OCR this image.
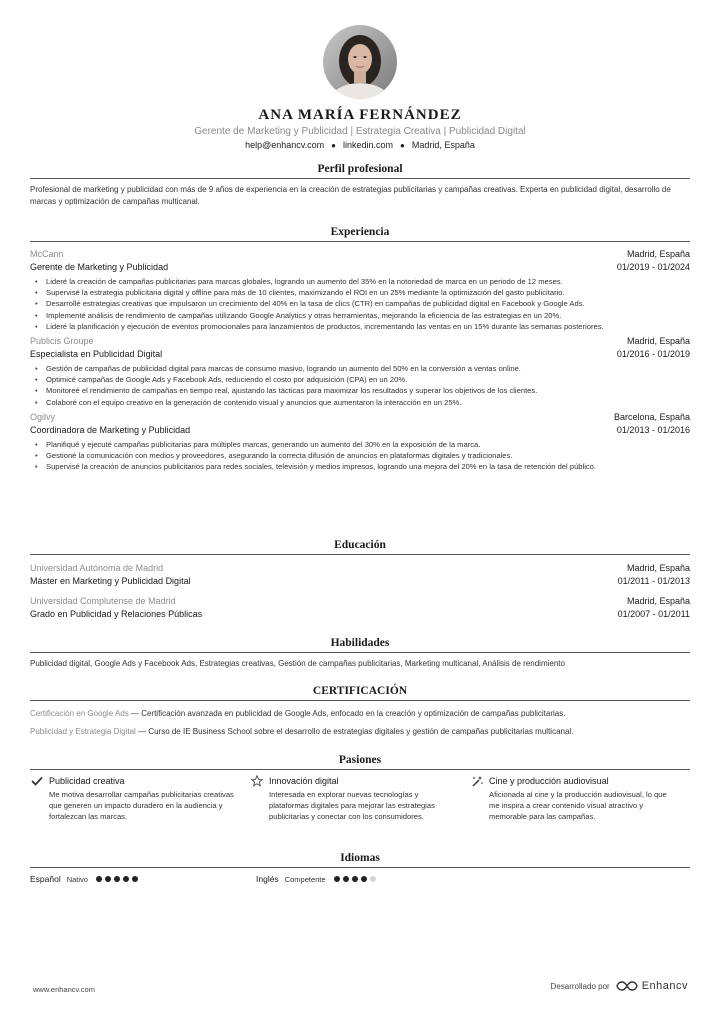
ANA MARÍA FERNÁNDEZ
Gerente de Marketing y Publicidad | Estrategia Creativa | Publicidad Digital
help@enhancv.com ● linkedin.com ● Madrid, España
Perfil profesional
Profesional de marketing y publicidad con más de 9 años de experiencia en la creación de estrategias publicitarias y campañas creativas. Experta en publicidad digital, desarrollo de marcas y optimización de campañas multicanal.
Experiencia
McCann	Madrid, España
Gerente de Marketing y Publicidad	01/2019 - 01/2024
• Lideré la creación de campañas publicitarias para marcas globales, logrando un aumento del 35% en la notoriedad de marca en un periodo de 12 meses.
• Supervisé la estrategia publicitaria digital y offline para más de 10 clientes, maximizando el ROI en un 25% mediante la optimización del gasto publicitario.
• Desarrollé estrategias creativas que impulsaron un crecimiento del 40% en la tasa de clics (CTR) en campañas de publicidad digital en Facebook y Google Ads.
• Implementé análisis de rendimiento de campañas utilizando Google Analytics y otras herramientas, mejorando la eficiencia de las estrategias en un 20%.
• Lideré la planificación y ejecución de eventos promocionales para lanzamientos de productos, incrementando las ventas en un 15% durante las semanas posteriores.
Publicis Groupe	Madrid, España
Especialista en Publicidad Digital	01/2016 - 01/2019
• Gestión de campañas de publicidad digital para marcas de consumo masivo, logrando un aumento del 50% en la conversión a ventas online.
• Optimicé campañas de Google Ads y Facebook Ads, reduciendo el costo por adquisición (CPA) en un 20%.
• Monitoreé el rendimiento de campañas en tiempo real, ajustando las tácticas para maximizar los resultados y superar los objetivos de los clientes.
• Colaboré con el equipo creativo en la generación de contenido visual y anuncios que aumentaron la interacción en un 25%.
Ogilvy	Barcelona, España
Coordinadora de Marketing y Publicidad	01/2013 - 01/2016
• Planifiqué y ejecuté campañas publicitarias para múltiples marcas, generando un aumento del 30% en la exposición de la marca.
• Gestioné la comunicación con medios y proveedores, asegurando la correcta difusión de anuncios en plataformas digitales y tradicionales.
• Supervisé la creación de anuncios publicitarios para redes sociales, televisión y medios impresos, logrando una mejora del 20% en la tasa de retención del público.
Educación
Universidad Autónoma de Madrid	Madrid, España
Máster en Marketing y Publicidad Digital	01/2011 - 01/2013
Universidad Complutense de Madrid	Madrid, España
Grado en Publicidad y Relaciones Públicas	01/2007 - 01/2011
Habilidades
Publicidad digital, Google Ads y Facebook Ads, Estrategias creativas, Gestión de campañas publicitarias, Marketing multicanal, Análisis de rendimiento
CERTIFICACIÓN
Certificación en Google Ads — Certificación avanzada en publicidad de Google Ads, enfocado en la creación y optimización de campañas publicitarias.
Publicidad y Estrategia Digital — Curso de IE Business School sobre el desarrollo de estrategias digitales y gestión de campañas publicitarias multicanal.
Pasiones
Publicidad creativa
Me motiva desarrollar campañas publicitarias creativas que generen un impacto duradero en la audiencia y fortalezcan las marcas.
Innovación digital
Interesada en explorar nuevas tecnologías y plataformas digitales para mejorar las estrategias publicitarias y conectar con los consumidores.
Cine y producción audiovisual
Aficionada al cine y la producción audiovisual, lo que me inspira a crear contenido visual atractivo y memorable para las campañas.
Idiomas
Español Nativo	Inglés Competente
www.enhancv.com	Desarrollado por	Enhancv
